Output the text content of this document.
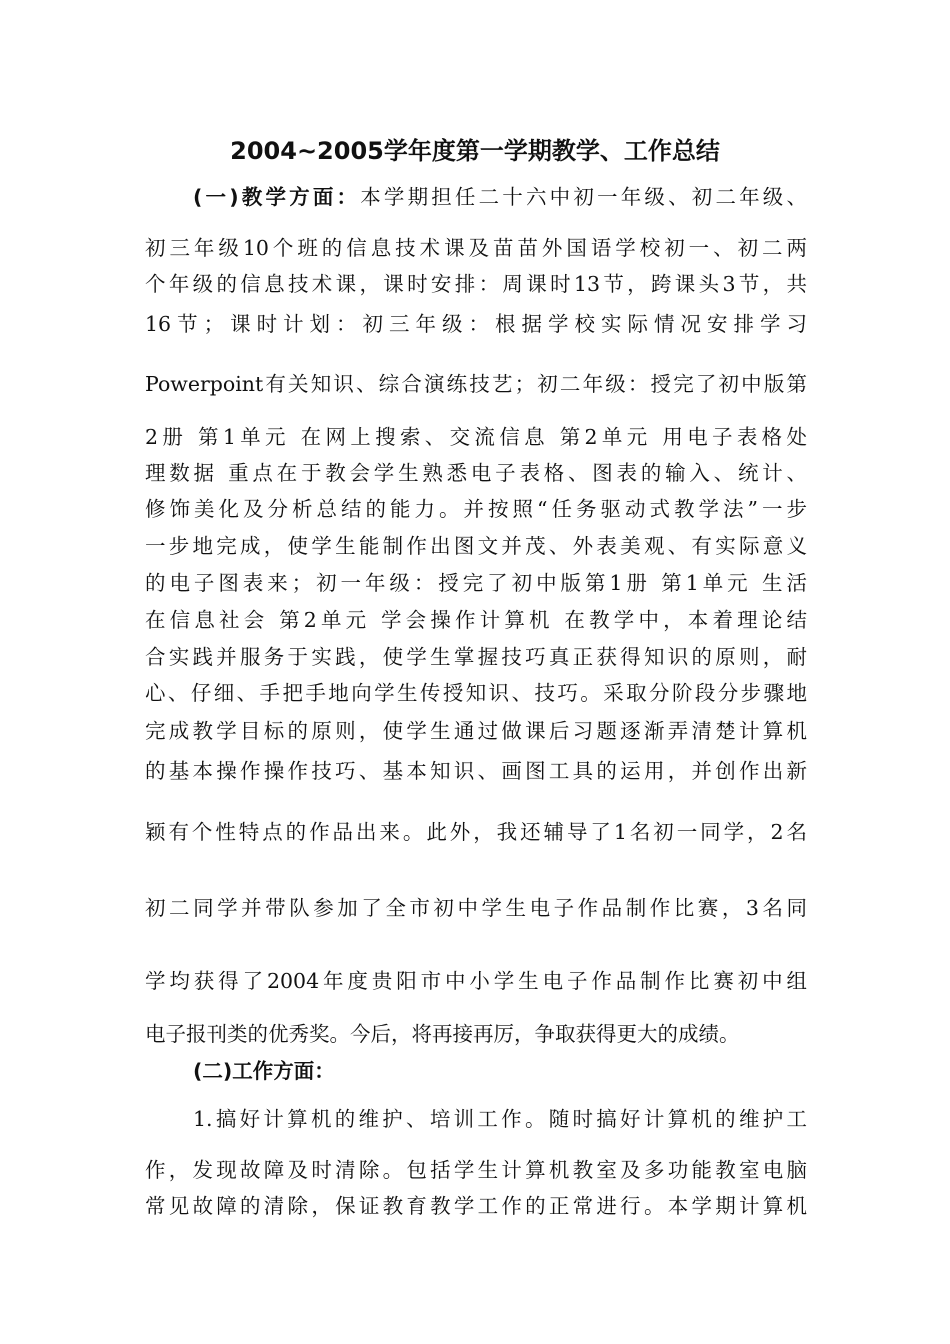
2004~2005学年度第一学期教学、工作总结
(一)教学方面：本学期担任二十六中初一年级、初二年级、
初三年级10个班的信息技术课及苗苗外国语学校初一、初二两
个年级的信息技术课，课时安排：周课时13节，跨课头3节，共
16节；课时计划：初三年级：根据学校实际情况安排学习
Powerpoint有关知识、综合演练技艺；初二年级：授完了初中版第
2册 第1单元 在网上搜索、交流信息 第2单元 用电子表格处
理数据 重点在于教会学生熟悉电子表格、图表的输入、统计、
修饰美化及分析总结的能力。并按照“任务驱动式教学法”一步
一步地完成，使学生能制作出图文并茂、外表美观、有实际意义
的电子图表来；初一年级：授完了初中版第1册 第1单元 生活
在信息社会 第2单元 学会操作计算机 在教学中，本着理论结
合实践并服务于实践，使学生掌握技巧真正获得知识的原则，耐
心、仔细、手把手地向学生传授知识、技巧。采取分阶段分步骤地
完成教学目标的原则，使学生通过做课后习题逐渐弄清楚计算机
的基本操作操作技巧、基本知识、画图工具的运用，并创作出新
颖有个性特点的作品出来。此外，我还辅导了1名初一同学，2名
初二同学并带队参加了全市初中学生电子作品制作比赛，3名同
学均获得了2004年度贵阳市中小学生电子作品制作比赛初中组
电子报刊类的优秀奖。今后，将再接再厉，争取获得更大的成绩。
(二)工作方面：
1.搞好计算机的维护、培训工作。随时搞好计算机的维护工
作，发现故障及时清除。包括学生计算机教室及多功能教室电脑
常见故障的清除，保证教育教学工作的正常进行。本学期计算机
